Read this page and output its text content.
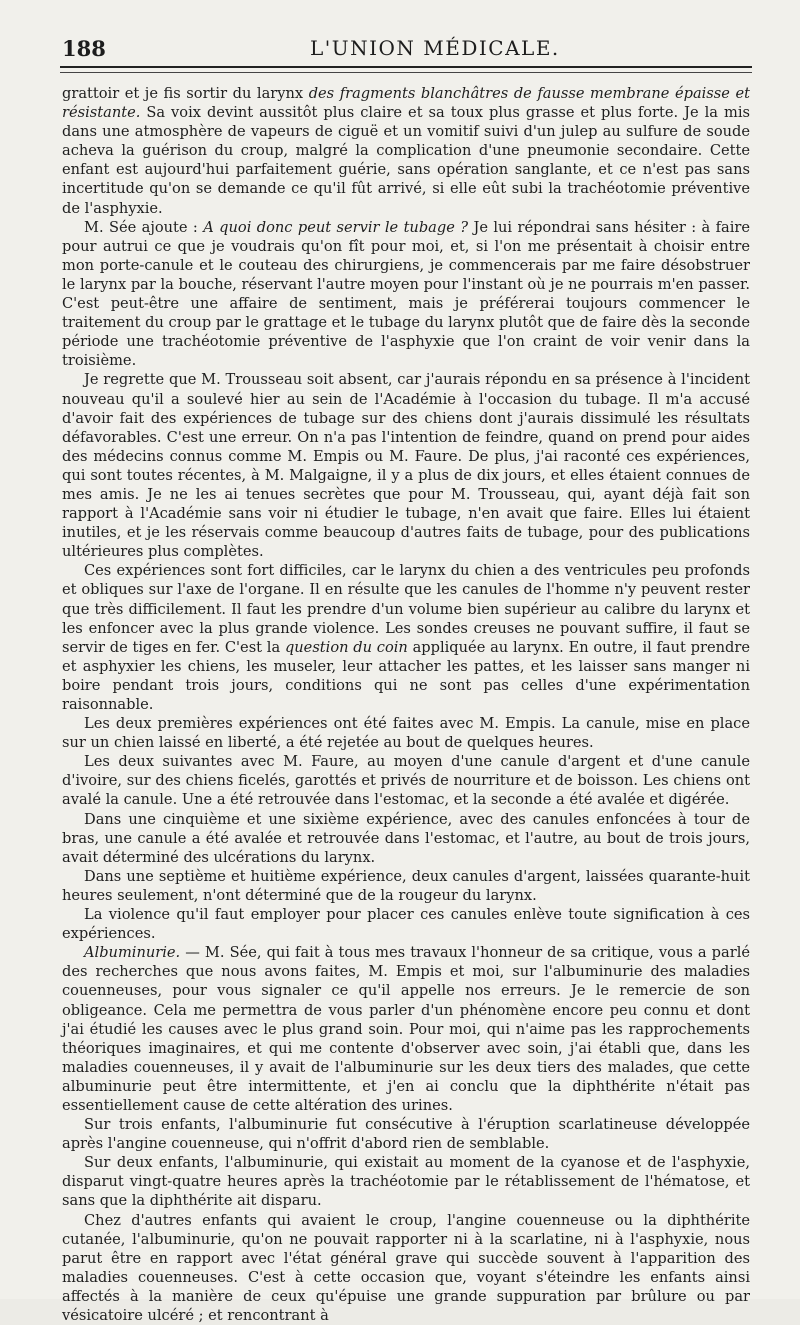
188	L'UNION MÉDICALE.

grattoir et je fis sortir du larynx des fragments blanchâtres de fausse membrane épaisse et résistante. Sa voix devint aussitôt plus claire et sa toux plus grasse et plus forte. Je la mis dans une atmosphère de vapeurs de ciguë et un vomitif suivi d'un julep au sulfure de soude acheva la guérison du croup, malgré la complication d'une pneumonie secondaire. Cette enfant est aujourd'hui parfaitement guérie, sans opération sanglante, et ce n'est pas sans incertitude qu'on se demande ce qu'il fût arrivé, si elle eût subi la trachéotomie préventive de l'asphyxie.

M. Sée ajoute : A quoi donc peut servir le tubage ? Je lui répondrai sans hésiter : à faire pour autrui ce que je voudrais qu'on fît pour moi, et, si l'on me présentait à choisir entre mon porte-canule et le couteau des chirurgiens, je commencerais par me faire désobstruer le larynx par la bouche, réservant l'autre moyen pour l'instant où je ne pourrais m'en passer. C'est peut-être une affaire de sentiment, mais je préférerai toujours commencer le traitement du croup par le grattage et le tubage du larynx plutôt que de faire dès la seconde période une trachéotomie préventive de l'asphyxie que l'on craint de voir venir dans la troisième.

Je regrette que M. Trousseau soit absent, car j'aurais répondu en sa présence à l'incident nouveau qu'il a soulevé hier au sein de l'Académie à l'occasion du tubage. Il m'a accusé d'avoir fait des expériences de tubage sur des chiens dont j'aurais dissimulé les résultats défavorables. C'est une erreur. On n'a pas l'intention de feindre, quand on prend pour aides des médecins connus comme M. Empis ou M. Faure. De plus, j'ai raconté ces expériences, qui sont toutes récentes, à M. Malgaigne, il y a plus de dix jours, et elles étaient connues de mes amis. Je ne les ai tenues secrètes que pour M. Trousseau, qui, ayant déjà fait son rapport à l'Académie sans voir ni étudier le tubage, n'en avait que faire. Elles lui étaient inutiles, et je les réservais comme beaucoup d'autres faits de tubage, pour des publications ultérieures plus complètes.

Ces expériences sont fort difficiles, car le larynx du chien a des ventricules peu profonds et obliques sur l'axe de l'organe. Il en résulte que les canules de l'homme n'y peuvent rester que très difficilement. Il faut les prendre d'un volume bien supérieur au calibre du larynx et les enfoncer avec la plus grande violence. Les sondes creuses ne pouvant suffire, il faut se servir de tiges en fer. C'est la question du coin appliquée au larynx. En outre, il faut prendre et asphyxier les chiens, les museler, leur attacher les pattes, et les laisser sans manger ni boire pendant trois jours, conditions qui ne sont pas celles d'une expérimentation raisonnable.

Les deux premières expériences ont été faites avec M. Empis. La canule, mise en place sur un chien laissé en liberté, a été rejetée au bout de quelques heures.

Les deux suivantes avec M. Faure, au moyen d'une canule d'argent et d'une canule d'ivoire, sur des chiens ficelés, garottés et privés de nourriture et de boisson. Les chiens ont avalé la canule. Une a été retrouvée dans l'estomac, et la seconde a été avalée et digérée.

Dans une cinquième et une sixième expérience, avec des canules enfoncées à tour de bras, une canule a été avalée et retrouvée dans l'estomac, et l'autre, au bout de trois jours, avait déterminé des ulcérations du larynx.

Dans une septième et huitième expérience, deux canules d'argent, laissées quarante-huit heures seulement, n'ont déterminé que de la rougeur du larynx.

La violence qu'il faut employer pour placer ces canules enlève toute signification à ces expériences.

Albuminurie. — M. Sée, qui fait à tous mes travaux l'honneur de sa critique, vous a parlé des recherches que nous avons faites, M. Empis et moi, sur l'albuminurie des maladies couenneuses, pour vous signaler ce qu'il appelle nos erreurs. Je le remercie de son obligeance. Cela me permettra de vous parler d'un phénomène encore peu connu et dont j'ai étudié les causes avec le plus grand soin. Pour moi, qui n'aime pas les rapprochements théoriques imaginaires, et qui me contente d'observer avec soin, j'ai établi que, dans les maladies couenneuses, il y avait de l'albuminurie sur les deux tiers des malades, que cette albuminurie peut être intermittente, et j'en ai conclu que la diphthérite n'était pas essentiellement cause de cette altération des urines.

Sur trois enfants, l'albuminurie fut consécutive à l'éruption scarlatineuse développée après l'angine couenneuse, qui n'offrit d'abord rien de semblable.

Sur deux enfants, l'albuminurie, qui existait au moment de la cyanose et de l'asphyxie, disparut vingt-quatre heures après la trachéotomie par le rétablissement de l'hématose, et sans que la diphthérite ait disparu.

Chez d'autres enfants qui avaient le croup, l'angine couenneuse ou la diphthérite cutanée, l'albuminurie, qu'on ne pouvait rapporter ni à la scarlatine, ni à l'asphyxie, nous parut être en rapport avec l'état général grave qui succède souvent à l'apparition des maladies couenneuses. C'est à cette occasion que, voyant s'éteindre les enfants ainsi affectés à la manière de ceux qu'épuise une grande suppuration par brûlure ou par vésicatoire ulcéré ; et rencontrant à
